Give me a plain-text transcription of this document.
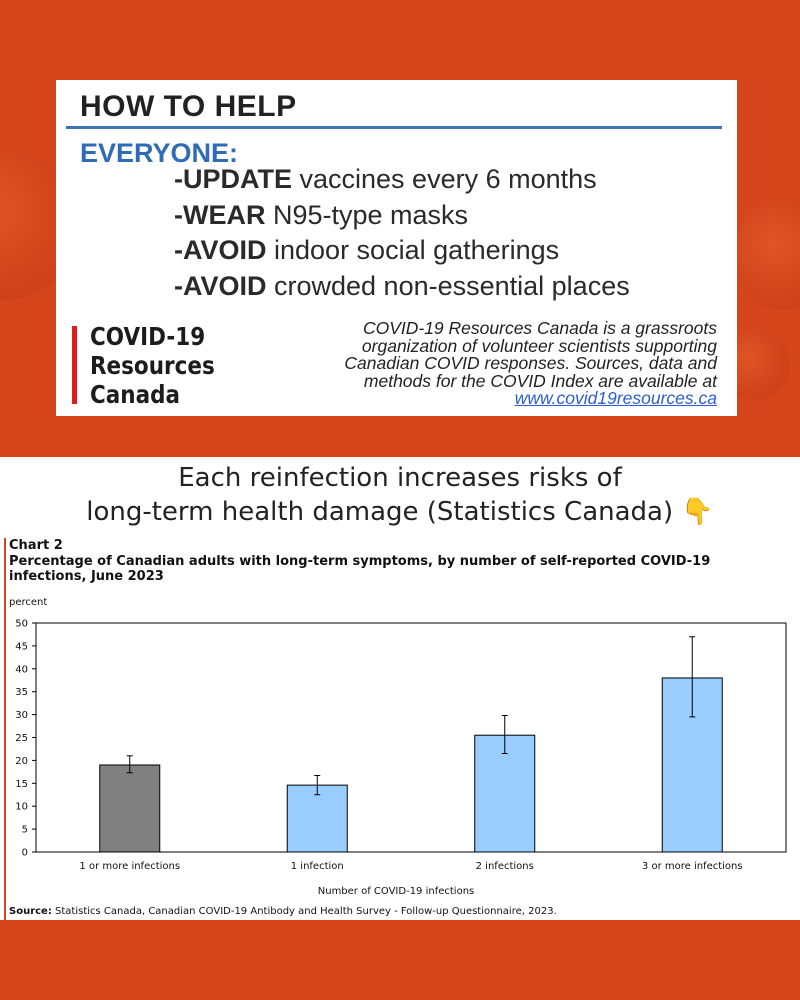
HOW TO HELP
EVERYONE:
-UPDATE vaccines every 6 months
-WEAR N95-type masks
-AVOID indoor social gatherings
-AVOID crowded non-essential places
COVID-19
Resources
Canada
COVID-19 Resources Canada is a grassroots
organization of volunteer scientists supporting
Canadian COVID responses. Sources, data and
methods for the COVID Index are available at
www.covid19resources.ca
Each reinfection increases risks of
long-term health damage (Statistics Canada) 👇
Chart 2
Percentage of Canadian adults with long-term symptoms, by number of self-reported COVID-19 infections, June 2023
percent
0
5
10
15
20
25
30
35
40
45
50
1 or more infections	1 infection	2 infections	3 or more infections
Number of COVID-19 infections
Source: Statistics Canada, Canadian COVID-19 Antibody and Health Survey - Follow-up Questionnaire, 2023.
